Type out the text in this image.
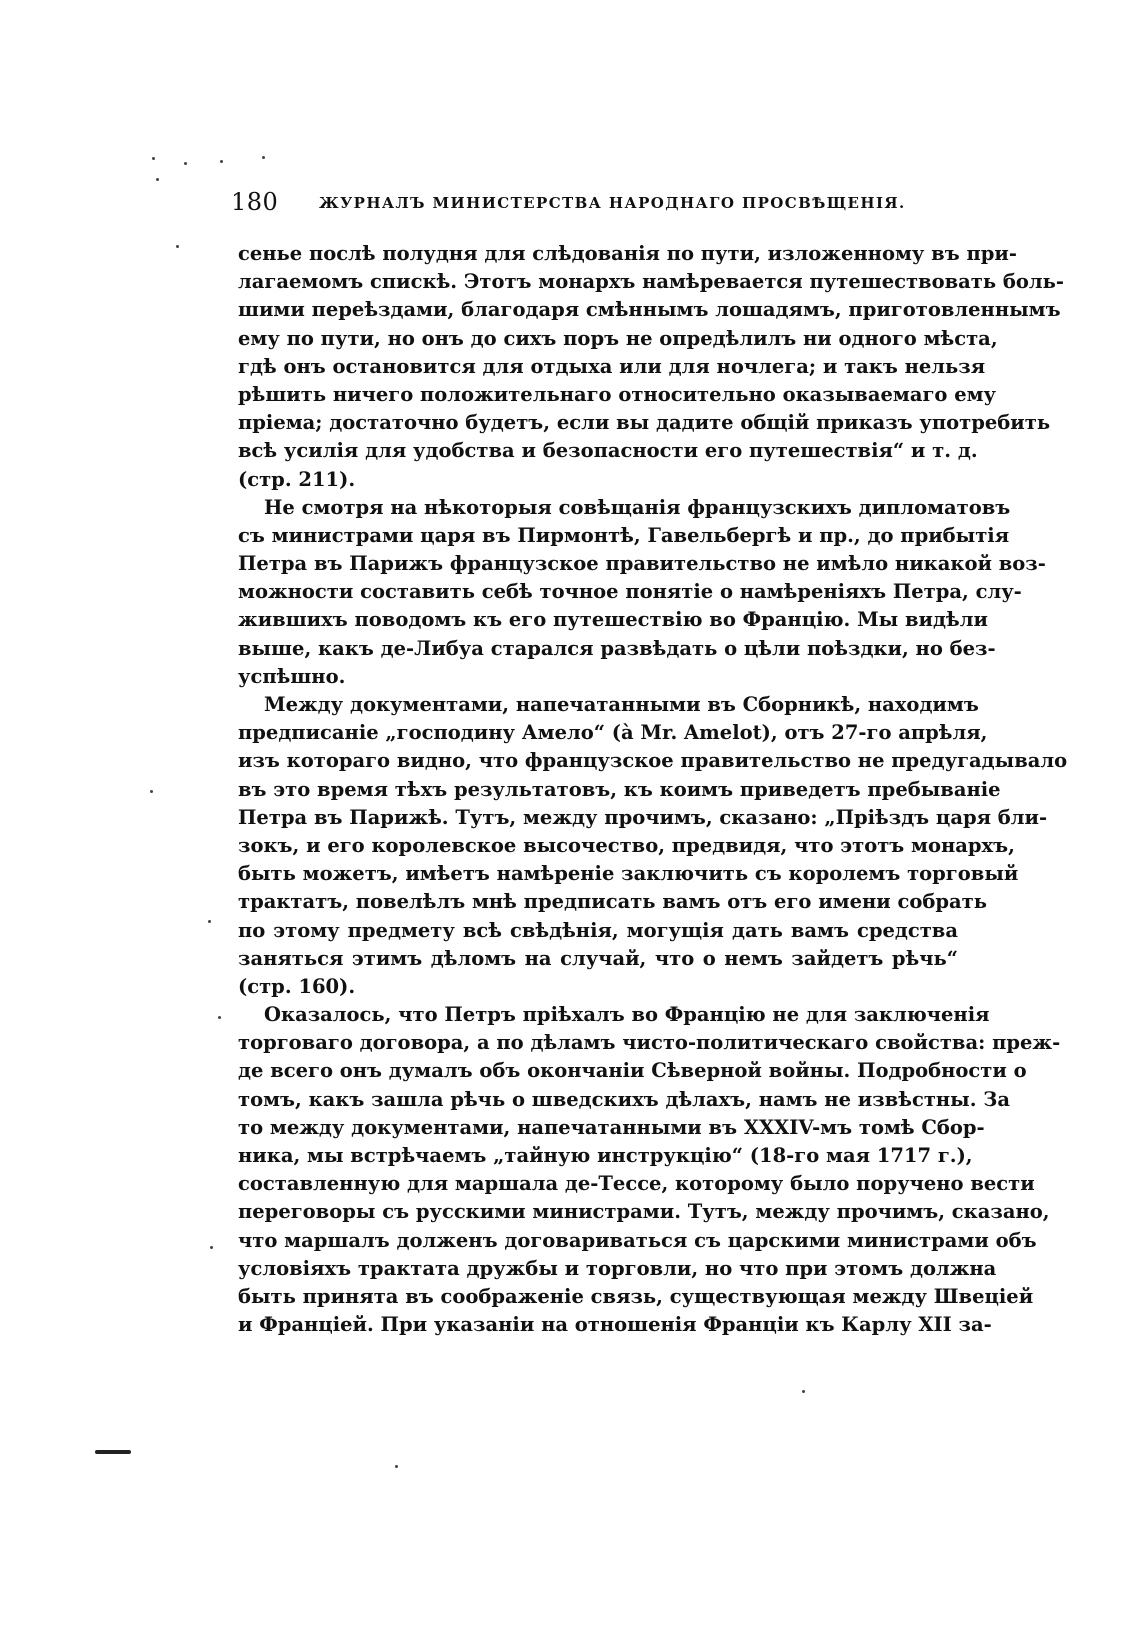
180	ЖУРНАЛЪ МИНИСТЕРСТВА НАРОДНАГО ПРОСВѢЩЕНІЯ.
сенье послѣ полудня для слѣдованія по пути, изложенному въ при-
лагаемомъ спискѣ. Этотъ монархъ намѣревается путешествовать боль-
шими переѣздами, благодаря смѣннымъ лошадямъ, приготовленнымъ
ему по пути, но онъ до сихъ поръ не опредѣлилъ ни одного мѣста,
гдѣ онъ остановится для отдыха или для ночлега; и такъ нельзя
рѣшить ничего положительнаго относительно оказываемаго ему
пріема; достаточно будетъ, если вы дадите общій приказъ употребить
всѣ усилія для удобства и безопасности его путешествія“ и т. д.
(стр. 211).
Не смотря на нѣкоторыя совѣщанія французскихъ дипломатовъ
съ министрами царя въ Пирмонтѣ, Гавельбергѣ и пр., до прибытія
Петра въ Парижъ французское правительство не имѣло никакой воз-
можности составить себѣ точное понятіе о намѣреніяхъ Петра, слу-
жившихъ поводомъ къ его путешествію во Францію. Мы видѣли
выше, какъ де-Либуа старался развѣдать о цѣли поѣздки, но без-
успѣшно.
Между документами, напечатанными въ Сборникѣ, находимъ
предписаніе „господину Амело“ (à Mr. Amelot), отъ 27-го апрѣля,
изъ котораго видно, что французское правительство не предугадывало
въ это время тѣхъ результатовъ, къ коимъ приведетъ пребываніе
Петра въ Парижѣ. Тутъ, между прочимъ, сказано: „Пріѣздъ царя бли-
зокъ, и его королевское высочество, предвидя, что этотъ монархъ,
быть можетъ, имѣетъ намѣреніе заключить съ королемъ торговый
трактатъ, повелѣлъ мнѣ предписать вамъ отъ его имени собрать
по этому предмету всѣ свѣдѣнія, могущія дать вамъ средства
заняться этимъ дѣломъ на случай, что о немъ зайдетъ рѣчь“
(стр. 160).
Оказалось, что Петръ пріѣхалъ во Францію не для заключенія
торговаго договора, а по дѣламъ чисто-политическаго свойства: преж-
де всего онъ думалъ объ окончаніи Сѣверной войны. Подробности о
томъ, какъ зашла рѣчь о шведскихъ дѣлахъ, намъ не извѣстны. За
то между документами, напечатанными въ XXXIV-мъ томѣ Сбор-
ника, мы встрѣчаемъ „тайную инструкцію“ (18-го мая 1717 г.),
составленную для маршала де-Тессе, которому было поручено вести
переговоры съ русскими министрами. Тутъ, между прочимъ, сказано,
что маршалъ долженъ договариваться съ царскими министрами объ
условіяхъ трактата дружбы и торговли, но что при этомъ должна
быть принята въ соображеніе связь, существующая между Швеціей
и Франціей. При указаніи на отношенія Франціи къ Карлу XII за-
